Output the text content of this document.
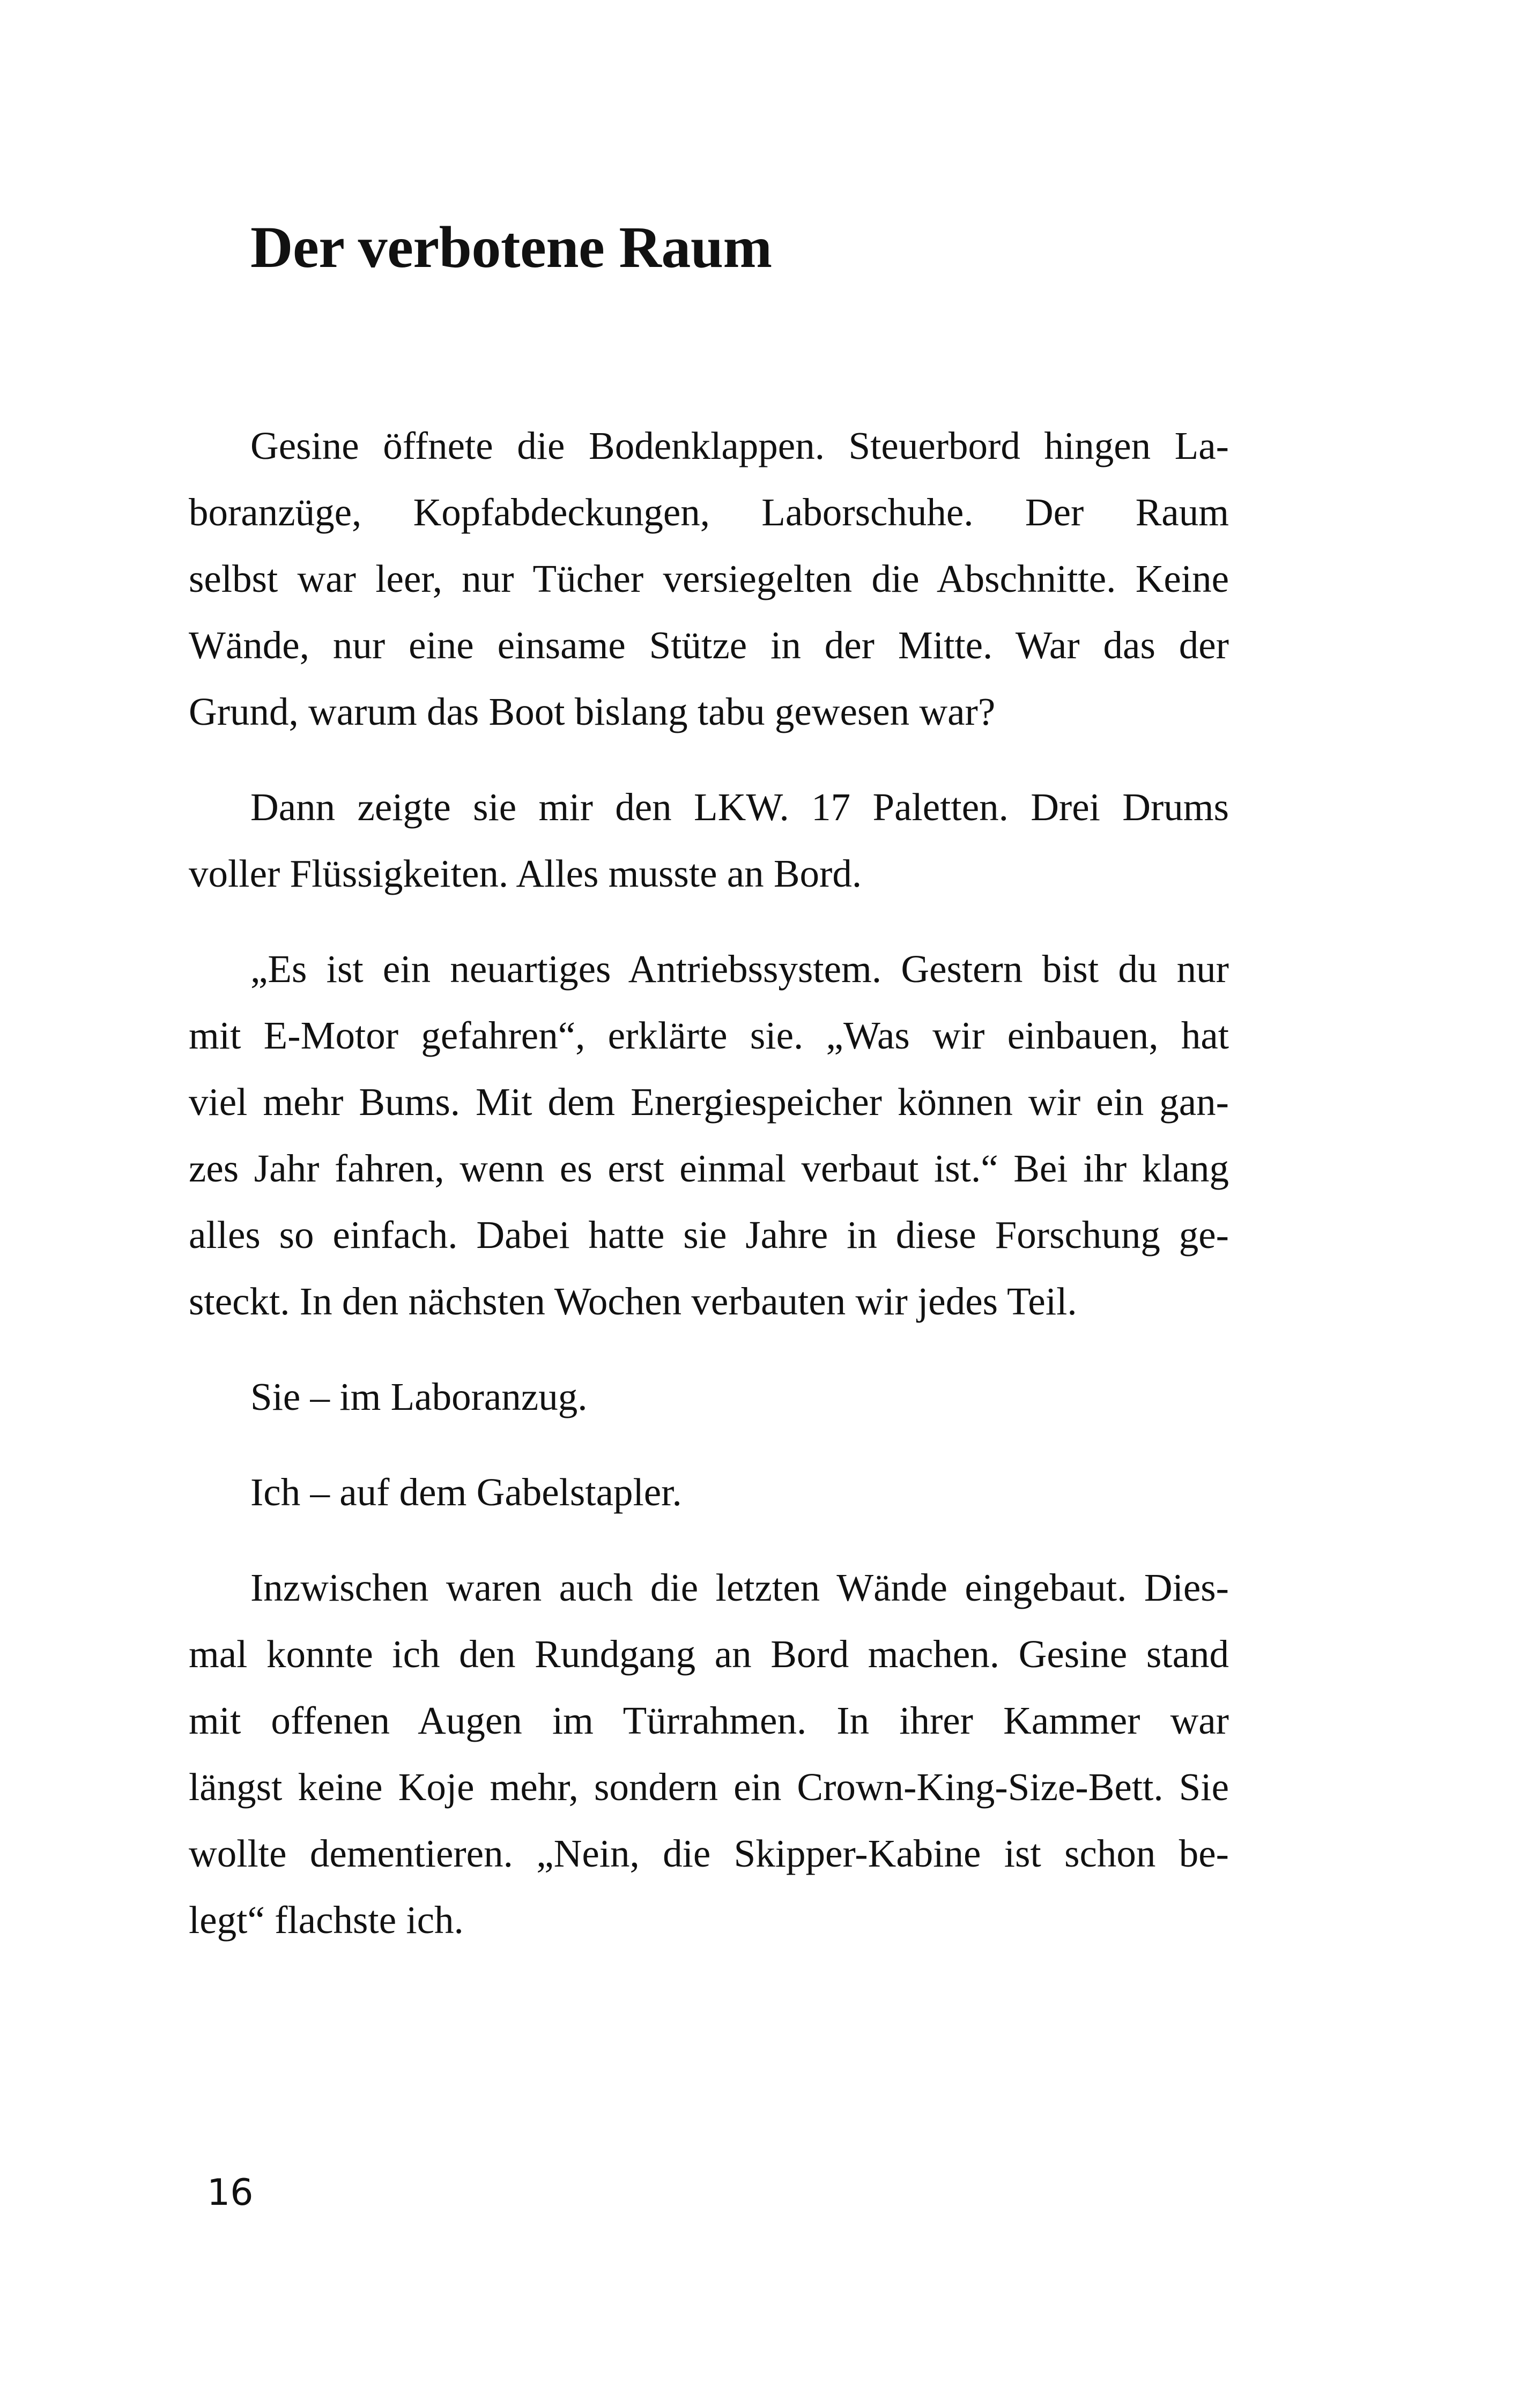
Der verbotene Raum
Gesine öffnete die Bodenklappen. Steuerbord hingen La-
boranzüge, Kopfabdeckungen, Laborschuhe. Der Raum
selbst war leer, nur Tücher versiegelten die Abschnitte. Keine
Wände, nur eine einsame Stütze in der Mitte. War das der
Grund, warum das Boot bislang tabu gewesen war?
Dann zeigte sie mir den LKW. 17 Paletten. Drei Drums
voller Flüssigkeiten. Alles musste an Bord.
„Es ist ein neuartiges Antriebssystem. Gestern bist du nur
mit E-Motor gefahren“, erklärte sie. „Was wir einbauen, hat
viel mehr Bums. Mit dem Energiespeicher können wir ein gan-
zes Jahr fahren, wenn es erst einmal verbaut ist.“ Bei ihr klang
alles so einfach. Dabei hatte sie Jahre in diese Forschung ge-
steckt. In den nächsten Wochen verbauten wir jedes Teil.
Sie – im Laboranzug.
Ich – auf dem Gabelstapler.
Inzwischen waren auch die letzten Wände eingebaut. Dies-
mal konnte ich den Rundgang an Bord machen. Gesine stand
mit offenen Augen im Türrahmen. In ihrer Kammer war
längst keine Koje mehr, sondern ein Crown-King-Size-Bett. Sie
wollte dementieren. „Nein, die Skipper-Kabine ist schon be-
legt“ flachste ich.

16
